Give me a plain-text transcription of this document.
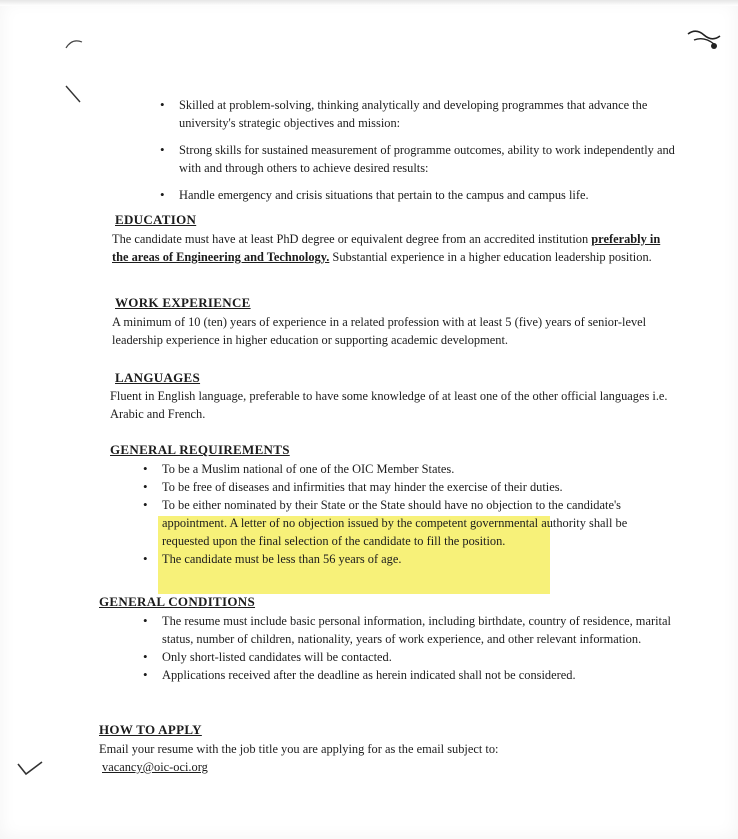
• Skilled at problem-solving, thinking analytically and developing programmes that advance the university's strategic objectives and mission:
• Strong skills for sustained measurement of programme outcomes, ability to work independently and with and through others to achieve desired results:
• Handle emergency and crisis situations that pertain to the campus and campus life.
EDUCATION
The candidate must have at least PhD degree or equivalent degree from an accredited institution preferably in the areas of Engineering and Technology. Substantial experience in a higher education leadership position.
WORK EXPERIENCE
A minimum of 10 (ten) years of experience in a related profession with at least 5 (five) years of senior-level leadership experience in higher education or supporting academic development.
LANGUAGES
Fluent in English language, preferable to have some knowledge of at least one of the other official languages i.e. Arabic and French.
GENERAL REQUIREMENTS
• To be a Muslim national of one of the OIC Member States.
• To be free of diseases and infirmities that may hinder the exercise of their duties.
• To be either nominated by their State or the State should have no objection to the candidate's appointment. A letter of no objection issued by the competent governmental authority shall be requested upon the final selection of the candidate to fill the position.
• The candidate must be less than 56 years of age.
GENERAL CONDITIONS
• The resume must include basic personal information, including birthdate, country of residence, marital status, number of children, nationality, years of work experience, and other relevant information.
• Only short-listed candidates will be contacted.
• Applications received after the deadline as herein indicated shall not be considered.
HOW TO APPLY
Email your resume with the job title you are applying for as the email subject to:
vacancy@oic-oci.org
